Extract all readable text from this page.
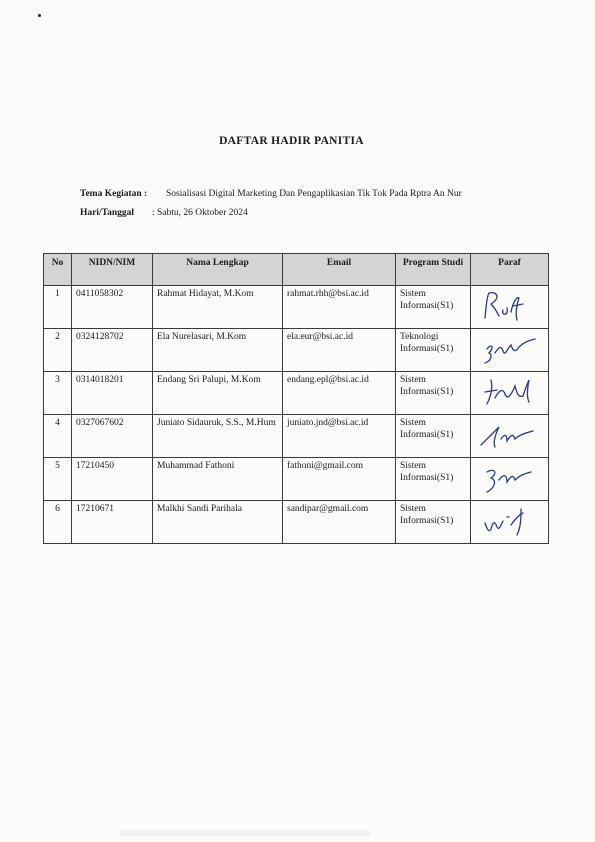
DAFTAR HADIR PANITIA
Tema Kegiatan : Sosialisasi Digital Marketing Dan Pengaplikasian Tik Tok Pada Rptra An Nur
Hari/Tanggal : Sabtu, 26 Oktober 2024
No	NIDN/NIM	Nama Lengkap	Email	Program Studi	Paraf
1	0411058302	Rahmat Hidayat, M.Kom	rahmat.rhh@bsi.ac.id	Sistem Informasi(S1)	

2	0324128702	Ela Nurelasari, M.Kom	ela.eur@bsi.ac.id	Teknologi Informasi(S1)	

3	0314018201	Endang Sri Palupi, M.Kom	endang.epl@bsi.ac.id	Sistem Informasi(S1)	

4	0327067602	Juniato Sidauruk, S.S., M.Hum	juniato.jnd@bsi.ac.id	Sistem Informasi(S1)	

5	17210450	Muhammad Fathoni	fathoni@gmail.com	Sistem Informasi(S1)	

6	17210671	Malkhi Sandi Parihala	sandipar@gmail.com	Sistem Informasi(S1)	
